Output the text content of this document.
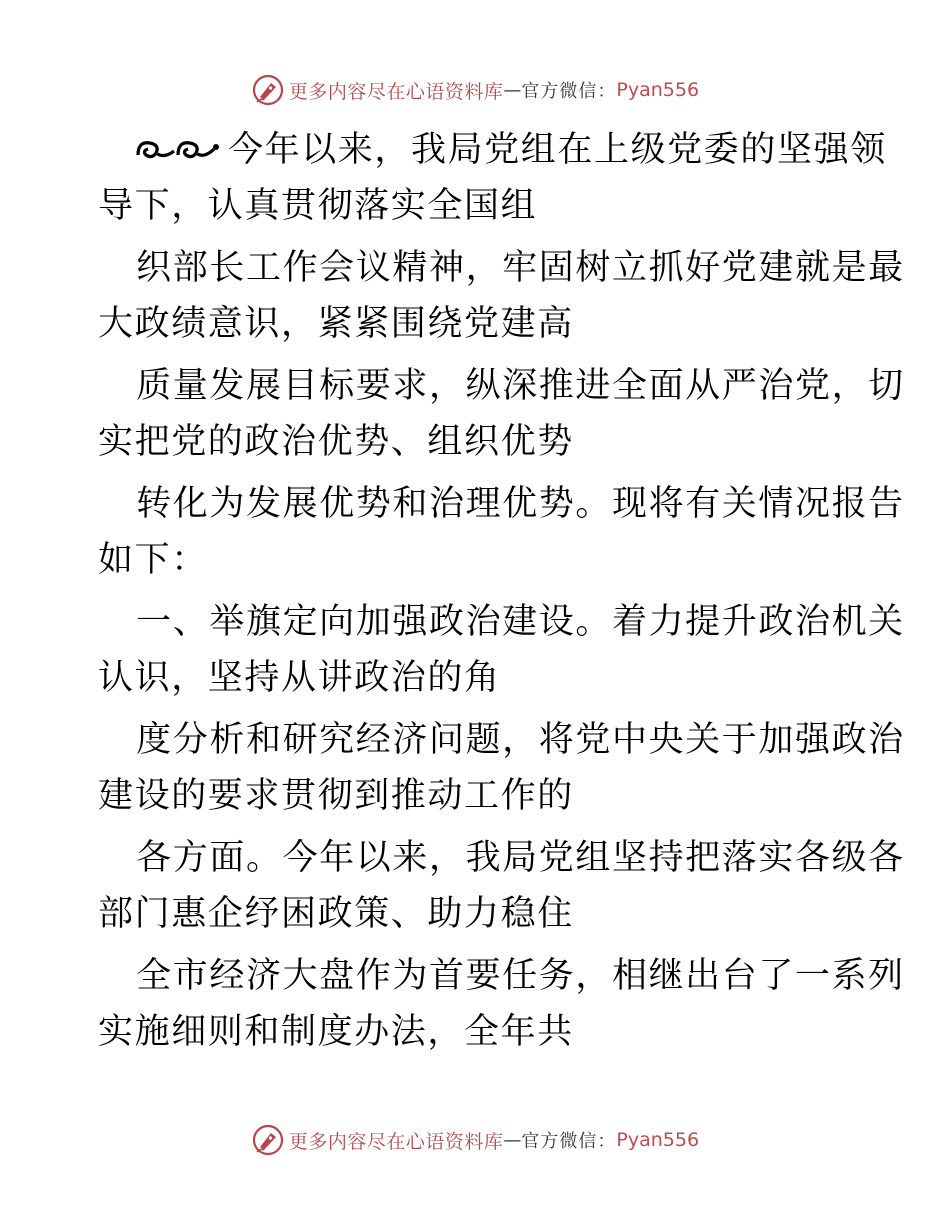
更多内容尽在心语资料库 — 官方微信： Pyan556

今年以来，我局党组在上级党委的坚强领

导下，认真贯彻落实全国组

织部长工作会议精神，牢固树立抓好党建就是最

大政绩意识，紧紧围绕党建高

质量发展目标要求，纵深推进全面从严治党，切

实把党的政治优势、组织优势

转化为发展优势和治理优势。现将有关情况报告

如下：

一、举旗定向加强政治建设。着力提升政治机关

认识，坚持从讲政治的角

度分析和研究经济问题，将党中央关于加强政治

建设的要求贯彻到推动工作的

各方面。今年以来，我局党组坚持把落实各级各

部门惠企纾困政策、助力稳住

全市经济大盘作为首要任务，相继出台了一系列

实施细则和制度办法，全年共

更多内容尽在心语资料库 — 官方微信： Pyan556
